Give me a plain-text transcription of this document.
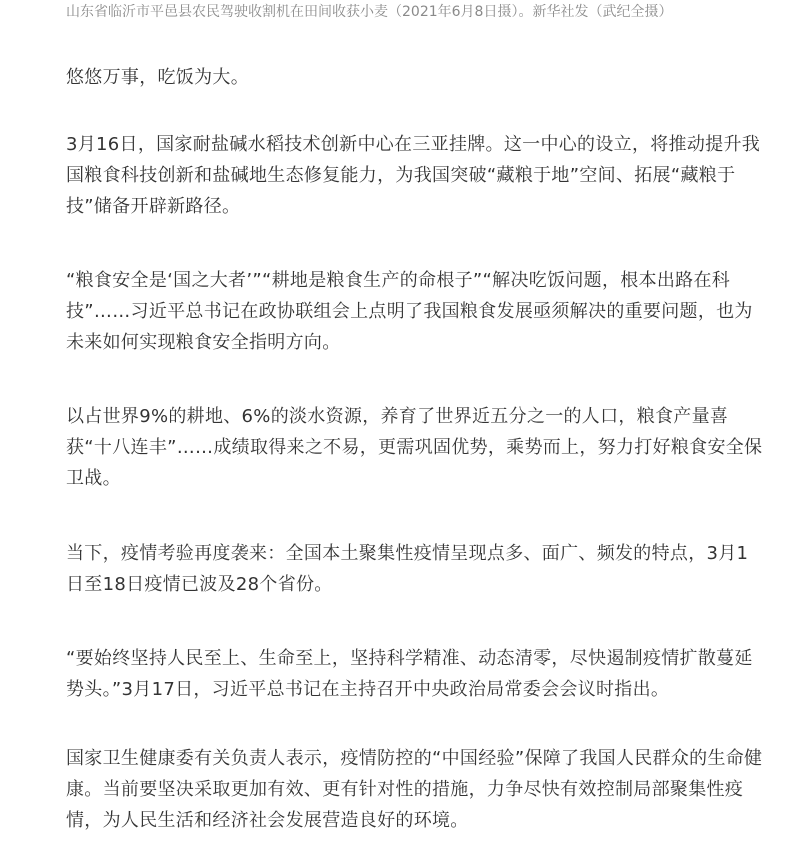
山东省临沂市平邑县农民驾驶收割机在田间收获小麦（2021年6月8日摄）。新华社发（武纪全摄）

悠悠万事，吃饭为大。

3月16日，国家耐盐碱水稻技术创新中心在三亚挂牌。这一中心的设立，将推动提升我国粮食科技创新和盐碱地生态修复能力，为我国突破“藏粮于地”空间、拓展“藏粮于技”储备开辟新路径。

“粮食安全是‘国之大者’”“耕地是粮食生产的命根子”“解决吃饭问题，根本出路在科技”……习近平总书记在政协联组会上点明了我国粮食发展亟须解决的重要问题，也为未来如何实现粮食安全指明方向。

以占世界9%的耕地、6%的淡水资源，养育了世界近五分之一的人口，粮食产量喜获“十八连丰”……成绩取得来之不易，更需巩固优势，乘势而上，努力打好粮食安全保卫战。

当下，疫情考验再度袭来：全国本土聚集性疫情呈现点多、面广、频发的特点，3月1日至18日疫情已波及28个省份。

“要始终坚持人民至上、生命至上，坚持科学精准、动态清零，尽快遏制疫情扩散蔓延势头。”3月17日，习近平总书记在主持召开中央政治局常委会会议时指出。

国家卫生健康委有关负责人表示，疫情防控的“中国经验”保障了我国人民群众的生命健康。当前要坚决采取更加有效、更有针对性的措施，力争尽快有效控制局部聚集性疫情，为人民生活和经济社会发展营造良好的环境。
